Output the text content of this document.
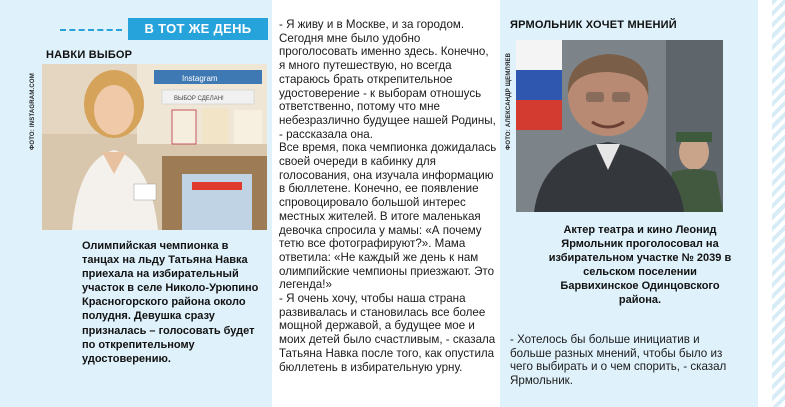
В ТОТ ЖЕ ДЕНЬ
НАВКИ ВЫБОР
ФОТО: INSTAGRAM.COM	Instagram
ВЫБОР СДЕЛАН!
Олимпийская чемпионка в танцах на льду Татьяна Навка приехала на избирательный участок в селе Николо-Урюпино Красногорского района около полудня. Девушка сразу призналась – голосовать будет по открепительному удостоверению.

- Я живу и в Москве, и за городом. Сегодня мне было удобно проголосовать именно здесь. Конечно, я много путешествую, но всегда стараюсь брать открепительное удостоверение - к выборам отношусь ответственно, потому что мне небезразлично будущее нашей Родины, - рассказала она.

Все время, пока чемпионка дожидалась своей очереди в кабинку для голосования, она изучала информацию в бюллетене. Конечно, ее появление спровоцировало большой интерес местных жителей. В итоге маленькая девочка спросила у мамы: «А почему тетю все фотографируют?». Мама ответила: «Не каждый же день к нам олимпийские чемпионы приезжают. Это легенда!»

- Я очень хочу, чтобы наша страна развивалась и становилась все более мощной державой, а будущее мое и моих детей было счастливым, - сказала Татьяна Навка после того, как опустила бюллетень в избирательную урну.

ЯРМОЛЬНИК ХОЧЕТ МНЕНИЙ
ФОТО: АЛЕКСАНДР ЩЕМЛЯЕВ
Актер театра и кино Леонид Ярмольник проголосовал на избирательном участке № 2039 в сельском поселении Барвихинское Одинцовского района.
- Хотелось бы больше инициатив и больше разных мнений, чтобы было из чего выбирать и о чем спорить, - сказал Ярмольник.
